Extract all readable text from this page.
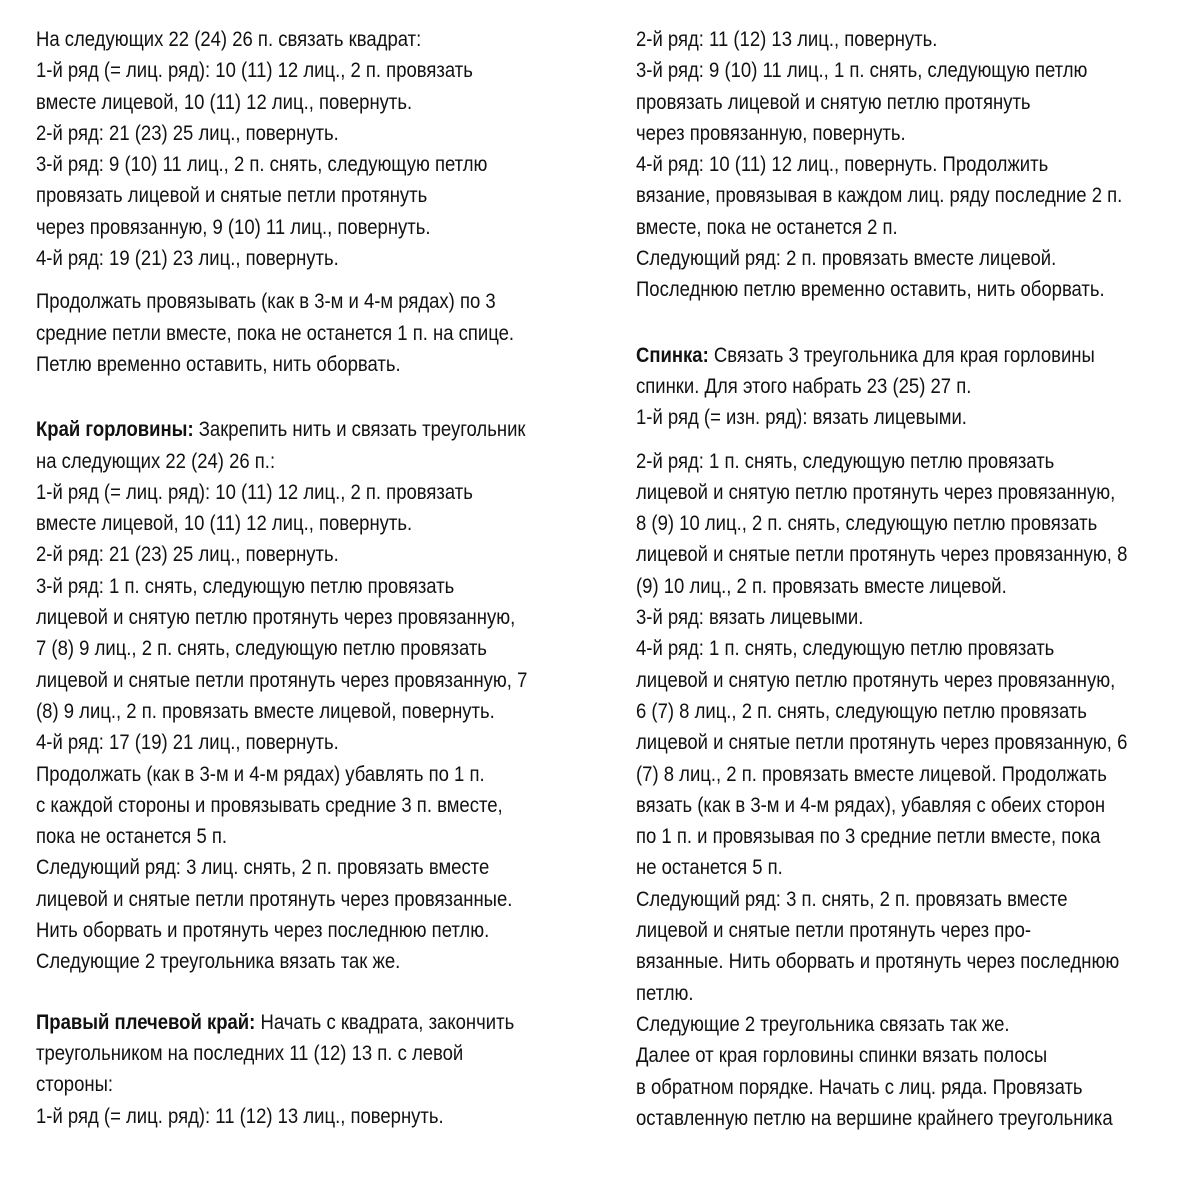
На следующих 22 (24) 26 п. связать квадрат:
1-й ряд (= лиц. ряд): 10 (11) 12 лиц., 2 п. провязать
вместе лицевой, 10 (11) 12 лиц., повернуть.
2-й ряд: 21 (23) 25 лиц., повернуть.
3-й ряд: 9 (10) 11 лиц., 2 п. снять, следующую петлю
провязать лицевой и снятые петли протянуть
через провязанную, 9 (10) 11 лиц., повернуть.
4-й ряд: 19 (21) 23 лиц., повернуть.
Продолжать провязывать (как в 3-м и 4-м рядах) по 3
средние петли вместе, пока не останется 1 п. на спице.
Петлю временно оставить, нить оборвать.
Край горловины: Закрепить нить и связать треугольник
на следующих 22 (24) 26 п.:
1-й ряд (= лиц. ряд): 10 (11) 12 лиц., 2 п. провязать
вместе лицевой, 10 (11) 12 лиц., повернуть.
2-й ряд: 21 (23) 25 лиц., повернуть.
3-й ряд: 1 п. снять, следующую петлю провязать
лицевой и снятую петлю протянуть через провязанную,
7 (8) 9 лиц., 2 п. снять, следующую петлю провязать
лицевой и снятые петли протянуть через провязанную, 7
(8) 9 лиц., 2 п. провязать вместе лицевой, повернуть.
4-й ряд: 17 (19) 21 лиц., повернуть.
Продолжать (как в 3-м и 4-м рядах) убавлять по 1 п.
с каждой стороны и провязывать средние 3 п. вместе,
пока не останется 5 п.
Следующий ряд: 3 лиц. снять, 2 п. провязать вместе
лицевой и снятые петли протянуть через провязанные.
Нить оборвать и протянуть через последнюю петлю.
Следующие 2 треугольника вязать так же.
Правый плечевой край: Начать с квадрата, закончить
треугольником на последних 11 (12) 13 п. с левой
стороны:
1-й ряд (= лиц. ряд): 11 (12) 13 лиц., повернуть.
2-й ряд: 11 (12) 13 лиц., повернуть.
3-й ряд: 9 (10) 11 лиц., 1 п. снять, следующую петлю
провязать лицевой и снятую петлю протянуть
через провязанную, повернуть.
4-й ряд: 10 (11) 12 лиц., повернуть. Продолжить
вязание, провязывая в каждом лиц. ряду последние 2 п.
вместе, пока не останется 2 п.
Следующий ряд: 2 п. провязать вместе лицевой.
Последнюю петлю временно оставить, нить оборвать.
Спинка: Связать 3 треугольника для края горловины
спинки. Для этого набрать 23 (25) 27 п.
1-й ряд (= изн. ряд): вязать лицевыми.
2-й ряд: 1 п. снять, следующую петлю провязать
лицевой и снятую петлю протянуть через провязанную,
8 (9) 10 лиц., 2 п. снять, следующую петлю провязать
лицевой и снятые петли протянуть через провязанную, 8
(9) 10 лиц., 2 п. провязать вместе лицевой.
3-й ряд: вязать лицевыми.
4-й ряд: 1 п. снять, следующую петлю провязать
лицевой и снятую петлю протянуть через провязанную,
6 (7) 8 лиц., 2 п. снять, следующую петлю провязать
лицевой и снятые петли протянуть через провязанную, 6
(7) 8 лиц., 2 п. провязать вместе лицевой. Продолжать
вязать (как в 3-м и 4-м рядах), убавляя с обеих сторон
по 1 п. и провязывая по 3 средние петли вместе, пока
не останется 5 п.
Следующий ряд: 3 п. снять, 2 п. провязать вместе
лицевой и снятые петли протянуть через про-
вязанные. Нить оборвать и протянуть через последнюю
петлю.
Следующие 2 треугольника связать так же.
Далее от края горловины спинки вязать полосы
в обратном порядке. Начать с лиц. ряда. Провязать
оставленную петлю на вершине крайнего треугольника
